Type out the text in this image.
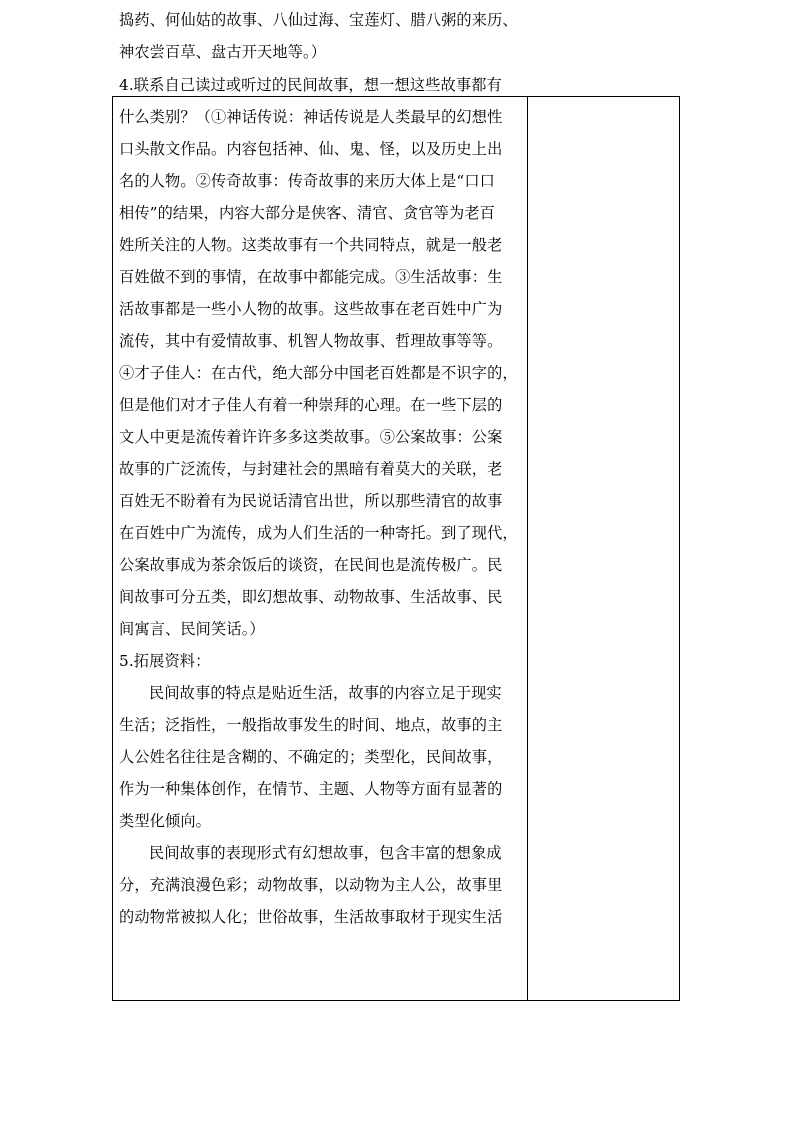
捣药、何仙姑的故事、八仙过海、宝莲灯、腊八粥的来历、
神农尝百草、盘古开天地等。）
4.联系自己读过或听过的民间故事，想一想这些故事都有
什么类别？（①神话传说：神话传说是人类最早的幻想性
口头散文作品。内容包括神、仙、鬼、怪，以及历史上出
名的人物。②传奇故事：传奇故事的来历大体上是“口口
相传”的结果，内容大部分是侠客、清官、贪官等为老百
姓所关注的人物。这类故事有一个共同特点，就是一般老
百姓做不到的事情，在故事中都能完成。③生活故事：生
活故事都是一些小人物的故事。这些故事在老百姓中广为
流传，其中有爱情故事、机智人物故事、哲理故事等等。
④才子佳人：在古代，绝大部分中国老百姓都是不识字的，
但是他们对才子佳人有着一种崇拜的心理。在一些下层的
文人中更是流传着许许多多这类故事。⑤公案故事：公案
故事的广泛流传，与封建社会的黑暗有着莫大的关联，老
百姓无不盼着有为民说话清官出世，所以那些清官的故事
在百姓中广为流传，成为人们生活的一种寄托。到了现代，
公案故事成为茶余饭后的谈资，在民间也是流传极广。民
间故事可分五类，即幻想故事、动物故事、生活故事、民
间寓言、民间笑话。）
5.拓展资料：
民间故事的特点是贴近生活，故事的内容立足于现实
生活；泛指性，一般指故事发生的时间、地点，故事的主
人公姓名往往是含糊的、不确定的；类型化，民间故事，
作为一种集体创作，在情节、主题、人物等方面有显著的
类型化倾向。
民间故事的表现形式有幻想故事，包含丰富的想象成
分，充满浪漫色彩；动物故事，以动物为主人公，故事里
的动物常被拟人化；世俗故事，生活故事取材于现实生活
